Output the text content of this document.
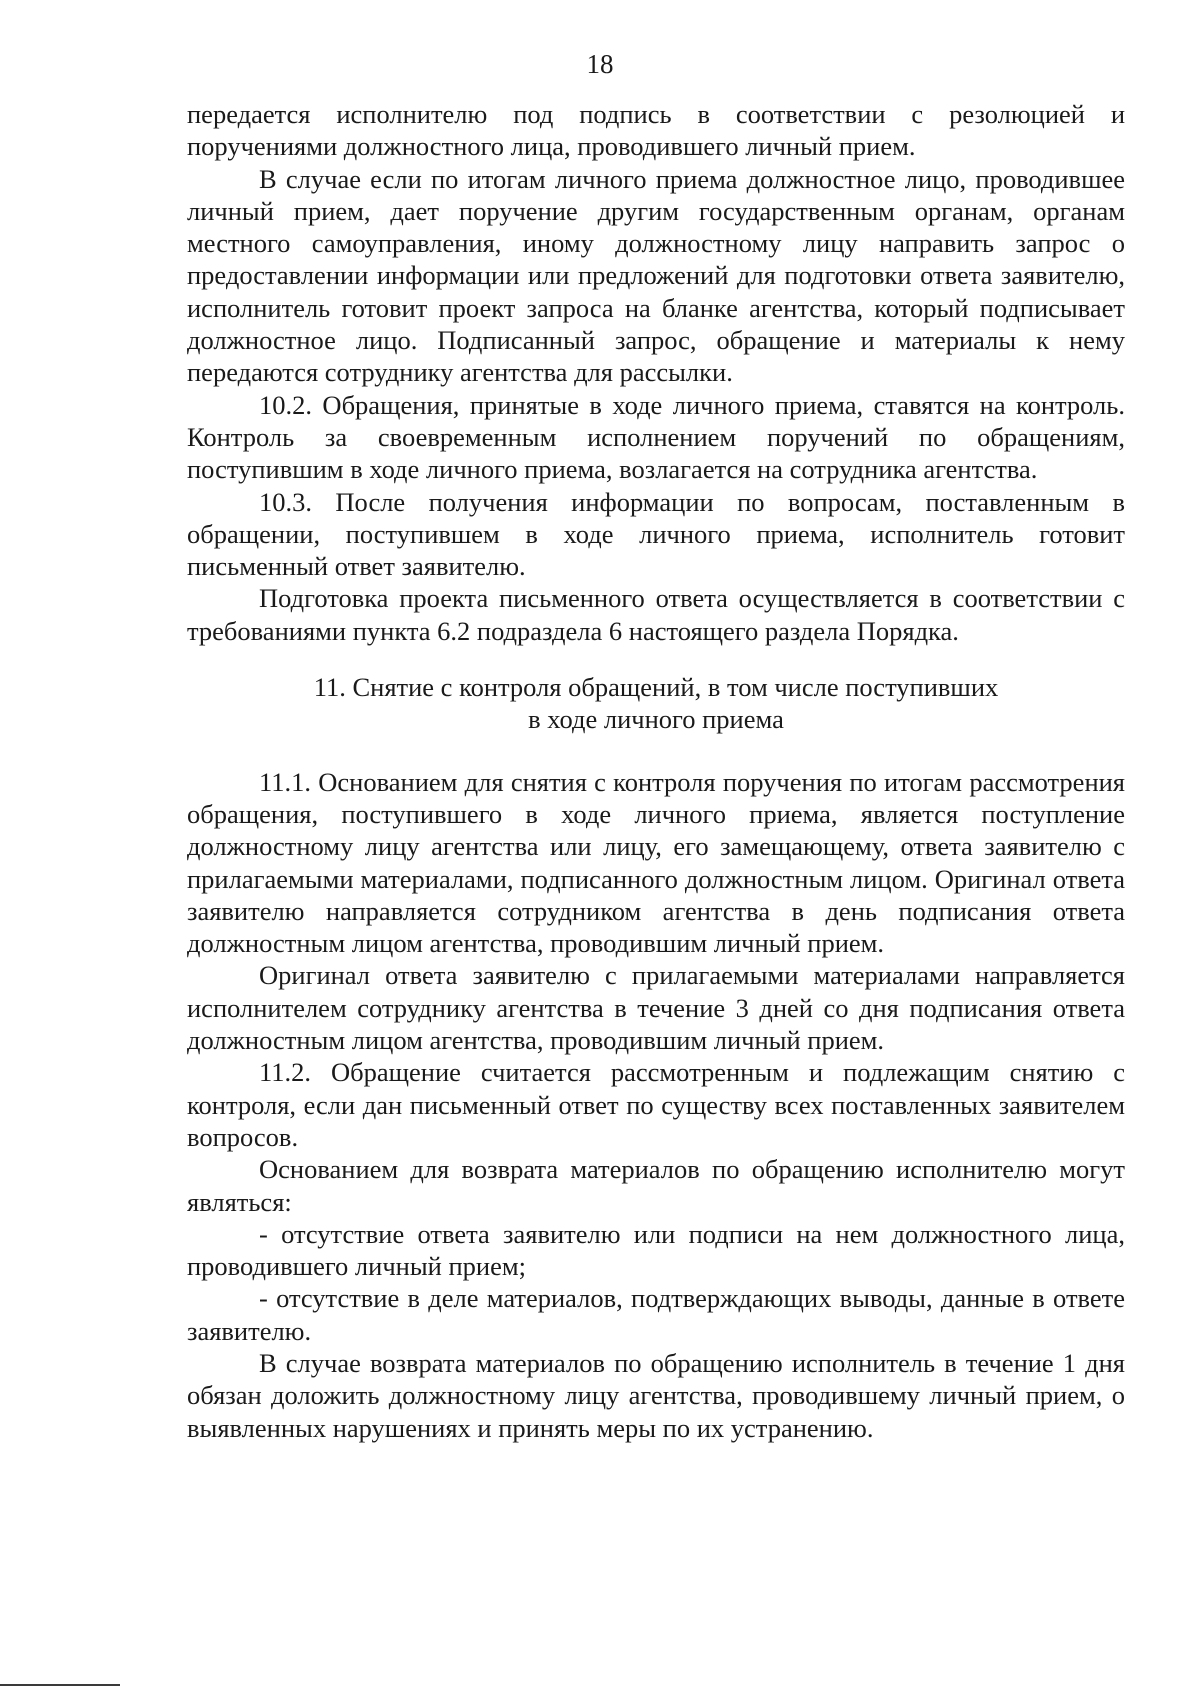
18

передается исполнителю под подпись в соответствии с резолюцией и поручениями должностного лица, проводившего личный прием.

В случае если по итогам личного приема должностное лицо, проводившее личный прием, дает поручение другим государственным органам, органам местного самоуправления, иному должностному лицу направить запрос о предоставлении информации или предложений для подготовки ответа заявителю, исполнитель готовит проект запроса на бланке агентства, который подписывает должностное лицо. Подписанный запрос, обращение и материалы к нему передаются сотруднику агентства для рассылки.

10.2. Обращения, принятые в ходе личного приема, ставятся на контроль. Контроль за своевременным исполнением поручений по обращениям, поступившим в ходе личного приема, возлагается на сотрудника агентства.

10.3. После получения информации по вопросам, поставленным в обращении, поступившем в ходе личного приема, исполнитель готовит письменный ответ заявителю.

Подготовка проекта письменного ответа осуществляется в соответствии с требованиями пункта 6.2 подраздела 6 настоящего раздела Порядка.

11. Снятие с контроля обращений, в том числе поступивших
в ходе личного приема

11.1. Основанием для снятия с контроля поручения по итогам рассмотрения обращения, поступившего в ходе личного приема, является поступление должностному лицу агентства или лицу, его замещающему, ответа заявителю с прилагаемыми материалами, подписанного должностным лицом. Оригинал ответа заявителю направляется сотрудником агентства в день подписания ответа должностным лицом агентства, проводившим личный прием.

Оригинал ответа заявителю с прилагаемыми материалами направляется исполнителем сотруднику агентства в течение 3 дней со дня подписания ответа должностным лицом агентства, проводившим личный прием.

11.2. Обращение считается рассмотренным и подлежащим снятию с контроля, если дан письменный ответ по существу всех поставленных заявителем вопросов.

Основанием для возврата материалов по обращению исполнителю могут являться:

- отсутствие ответа заявителю или подписи на нем должностного лица, проводившего личный прием;

- отсутствие в деле материалов, подтверждающих выводы, данные в ответе заявителю.

В случае возврата материалов по обращению исполнитель в течение 1 дня обязан доложить должностному лицу агентства, проводившему личный прием, о выявленных нарушениях и принять меры по их устранению.
